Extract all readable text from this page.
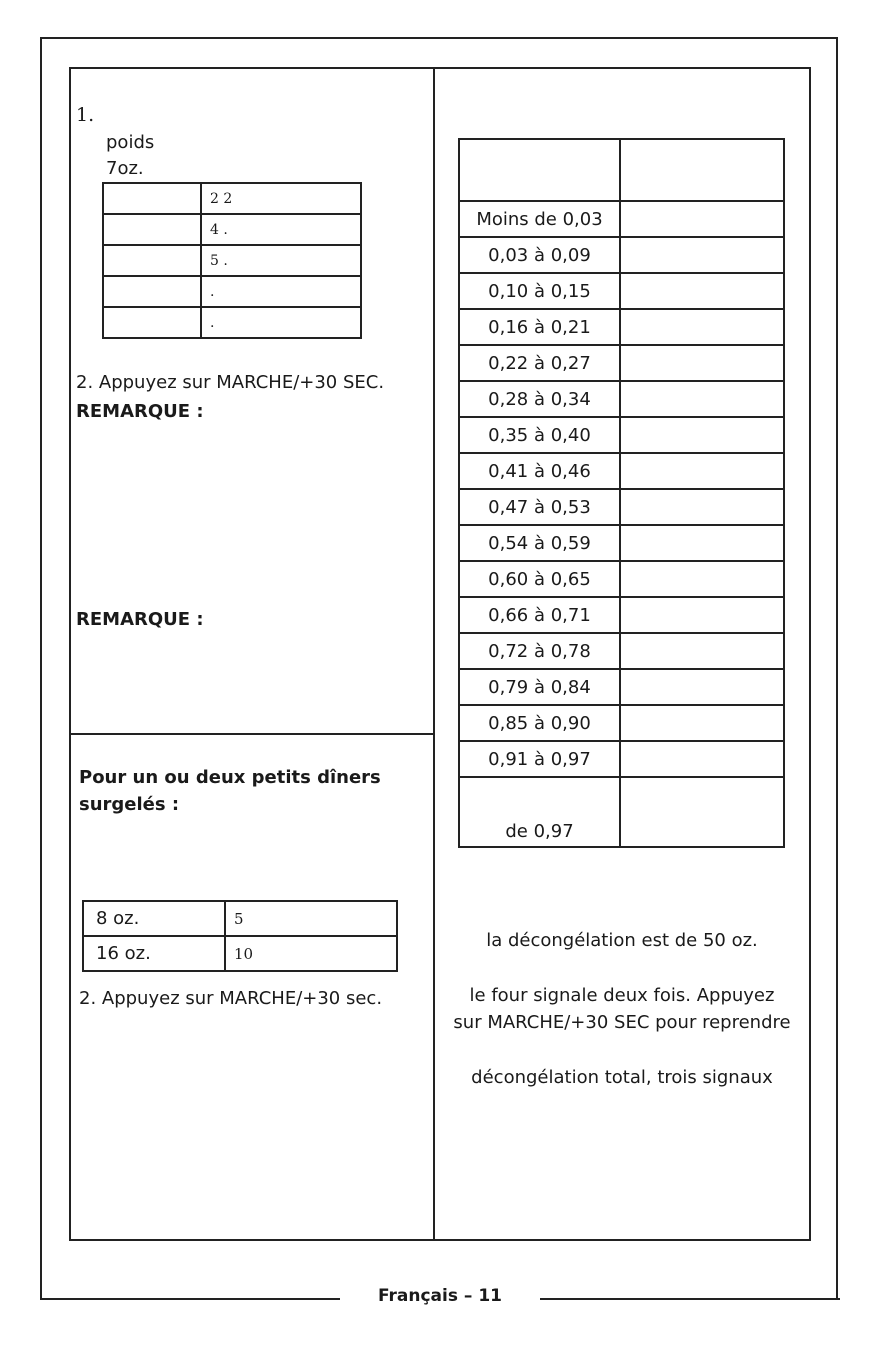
Français – 11
1.
poids
7oz.
	2 2
	4 .
	5 .
	.
	.
2. Appuyez sur MARCHE/+30 SEC.
REMARQUE :
REMARQUE :
Pour un ou deux petits dîners
surgelés :
8 oz.	5
16 oz.	10
2. Appuyez sur MARCHE/+30 sec.

Moins de 0,03	
0,03 à 0,09	
0,10 à 0,15	
0,16 à 0,21	
0,22 à 0,27	
0,28 à 0,34	
0,35 à 0,40	
0,41 à 0,46	
0,47 à 0,53	
0,54 à 0,59	
0,60 à 0,65	
0,66 à 0,71	
0,72 à 0,78	
0,79 à 0,84	
0,85 à 0,90	
0,91 à 0,97	
de 0,97	
la décongélation est de 50 oz.
le four signale deux fois. Appuyez
sur MARCHE/+30 SEC pour reprendre
décongélation total, trois signaux
